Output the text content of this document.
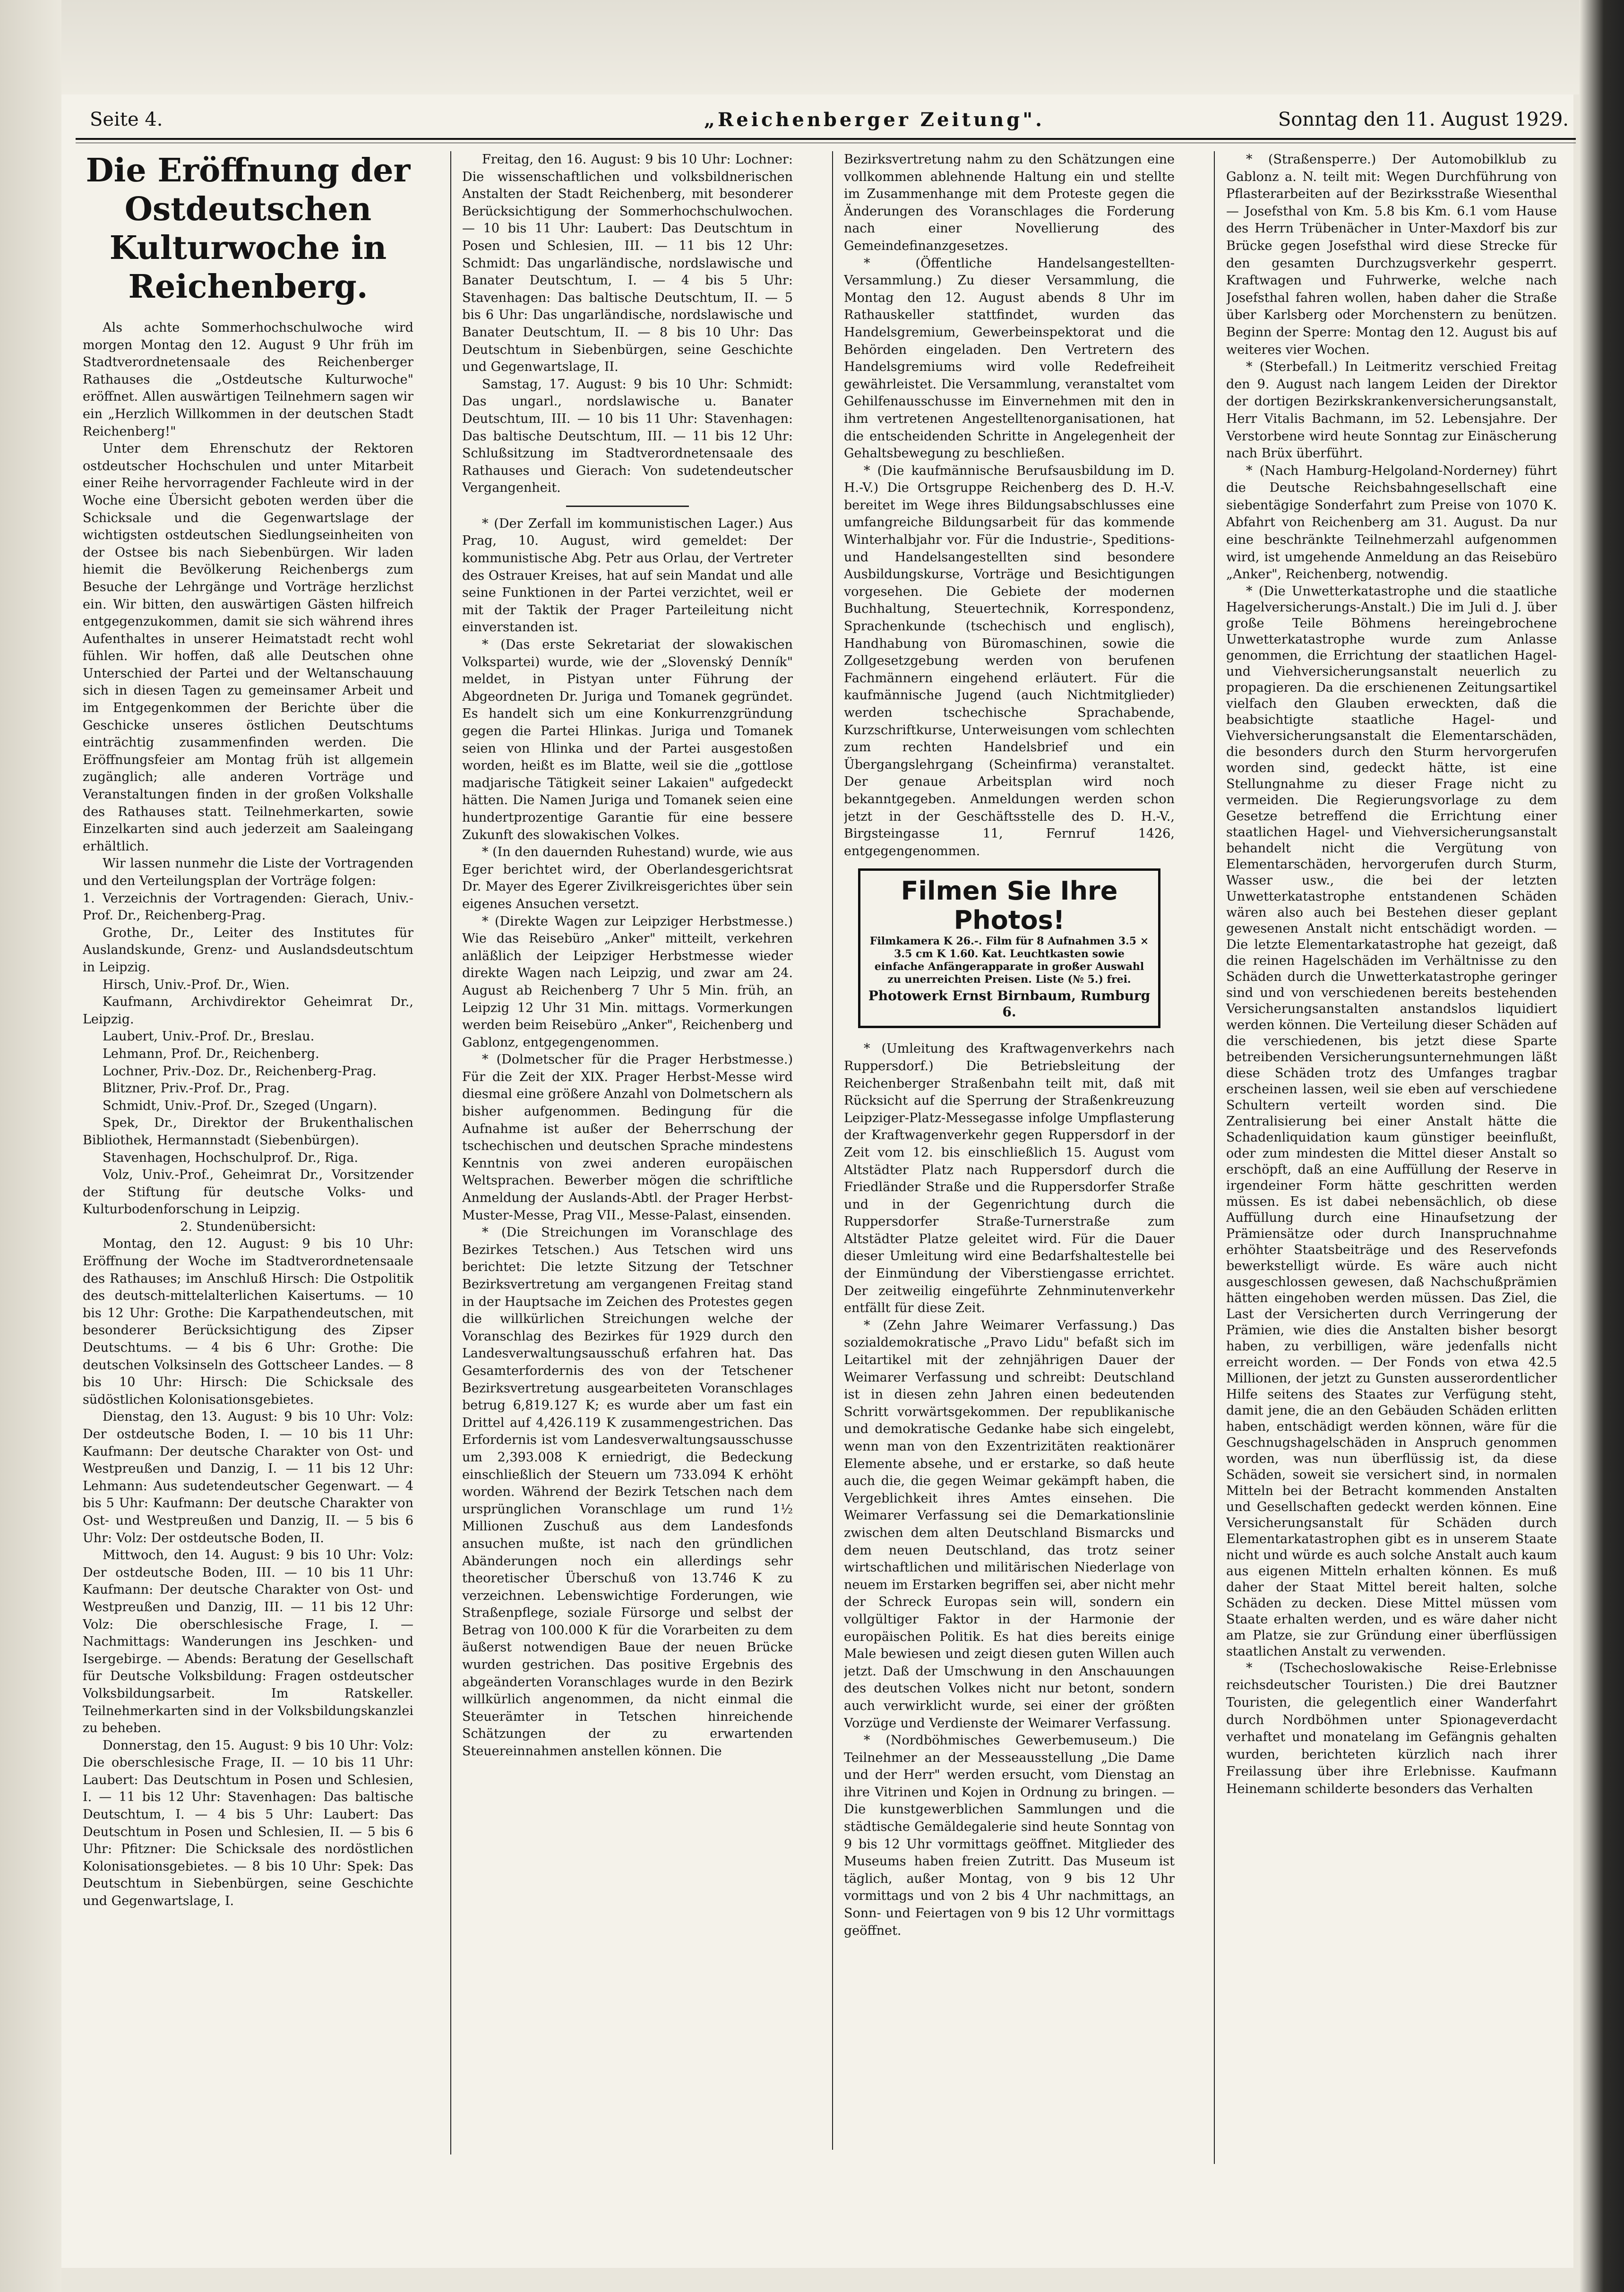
Seite 4.	„Reichenberger Zeitung".	Sonntag den 11. August 1929.
Die Eröffnung der Ostdeutschen Kulturwoche in Reichenberg.

Als achte Sommerhochschulwoche wird morgen Montag den 12. August 9 Uhr früh im Stadtverordnetensaale des Reichenberger Rathauses die „Ostdeutsche Kulturwoche" eröffnet. Allen auswärtigen Teilnehmern sagen wir ein „Herzlich Willkommen in der deutschen Stadt Reichenberg!"

Unter dem Ehrenschutz der Rektoren ostdeutscher Hochschulen und unter Mitarbeit einer Reihe hervorragender Fachleute wird in der Woche eine Übersicht geboten werden über die Schicksale und die Gegenwartslage der wichtigsten ostdeutschen Siedlungseinheiten von der Ostsee bis nach Siebenbürgen. Wir laden hiemit die Bevölkerung Reichenbergs zum Besuche der Lehrgänge und Vorträge herzlichst ein. Wir bitten, den auswärtigen Gästen hilfreich entgegenzukommen, damit sie sich während ihres Aufenthaltes in unserer Heimatstadt recht wohl fühlen. Wir hoffen, daß alle Deutschen ohne Unterschied der Partei und der Weltanschauung sich in diesen Tagen zu gemeinsamer Arbeit und im Entgegenkommen der Berichte über die Geschicke unseres östlichen Deutschtums einträchtig zusammenfinden werden. Die Eröffnungsfeier am Montag früh ist allgemein zugänglich; alle anderen Vorträge und Veranstaltungen finden in der großen Volkshalle des Rathauses statt. Teilnehmerkarten, sowie Einzelkarten sind auch jederzeit am Saaleingang erhältlich.

Wir lassen nunmehr die Liste der Vortragenden und den Verteilungsplan der Vorträge folgen:

1. Verzeichnis der Vortragenden: Gierach, Univ.-Prof. Dr., Reichenberg-Prag.

Grothe, Dr., Leiter des Institutes für Auslandskunde, Grenz- und Auslandsdeutschtum in Leipzig.

Hirsch, Univ.-Prof. Dr., Wien.

Kaufmann, Archivdirektor Geheimrat Dr., Leipzig.

Laubert, Univ.-Prof. Dr., Breslau.

Lehmann, Prof. Dr., Reichenberg.

Lochner, Priv.-Doz. Dr., Reichenberg-Prag.

Blitzner, Priv.-Prof. Dr., Prag.

Schmidt, Univ.-Prof. Dr., Szeged (Ungarn).

Spek, Dr., Direktor der Brukenthalischen Bibliothek, Hermannstadt (Siebenbürgen).

Stavenhagen, Hochschulprof. Dr., Riga.

Volz, Univ.-Prof., Geheimrat Dr., Vorsitzender der Stiftung für deutsche Volks- und Kulturbodenforschung in Leipzig.

2. Stundenübersicht:

Montag, den 12. August: 9 bis 10 Uhr: Eröffnung der Woche im Stadtverordnetensaale des Rathauses; im Anschluß Hirsch: Die Ostpolitik des deutsch-mittelalterlichen Kaisertums. — 10 bis 12 Uhr: Grothe: Die Karpathendeutschen, mit besonderer Berücksichtigung des Zipser Deutschtums. — 4 bis 6 Uhr: Grothe: Die deutschen Volksinseln des Gottscheer Landes. — 8 bis 10 Uhr: Hirsch: Die Schicksale des südöstlichen Kolonisationsgebietes.

Dienstag, den 13. August: 9 bis 10 Uhr: Volz: Der ostdeutsche Boden, I. — 10 bis 11 Uhr: Kaufmann: Der deutsche Charakter von Ost- und Westpreußen und Danzig, I. — 11 bis 12 Uhr: Lehmann: Aus sudetendeutscher Gegenwart. — 4 bis 5 Uhr: Kaufmann: Der deutsche Charakter von Ost- und Westpreußen und Danzig, II. — 5 bis 6 Uhr: Volz: Der ostdeutsche Boden, II.

Mittwoch, den 14. August: 9 bis 10 Uhr: Volz: Der ostdeutsche Boden, III. — 10 bis 11 Uhr: Kaufmann: Der deutsche Charakter von Ost- und Westpreußen und Danzig, III. — 11 bis 12 Uhr: Volz: Die oberschlesische Frage, I. — Nachmittags: Wanderungen ins Jeschken- und Isergebirge. — Abends: Beratung der Gesellschaft für Deutsche Volksbildung: Fragen ostdeutscher Volksbildungsarbeit. Im Ratskeller. Teilnehmerkarten sind in der Volksbildungskanzlei zu beheben.

Donnerstag, den 15. August: 9 bis 10 Uhr: Volz: Die oberschlesische Frage, II. — 10 bis 11 Uhr: Laubert: Das Deutschtum in Posen und Schlesien, I. — 11 bis 12 Uhr: Stavenhagen: Das baltische Deutschtum, I. — 4 bis 5 Uhr: Laubert: Das Deutschtum in Posen und Schlesien, II. — 5 bis 6 Uhr: Pfitzner: Die Schicksale des nordöstlichen Kolonisationsgebietes. — 8 bis 10 Uhr: Spek: Das Deutschtum in Siebenbürgen, seine Geschichte und Gegenwartslage, I.

Freitag, den 16. August: 9 bis 10 Uhr: Lochner: Die wissenschaftlichen und volksbildnerischen Anstalten der Stadt Reichenberg, mit besonderer Berücksichtigung der Sommerhochschulwochen. — 10 bis 11 Uhr: Laubert: Das Deutschtum in Posen und Schlesien, III. — 11 bis 12 Uhr: Schmidt: Das ungarländische, nordslawische und Banater Deutschtum, I. — 4 bis 5 Uhr: Stavenhagen: Das baltische Deutschtum, II. — 5 bis 6 Uhr: Das ungarländische, nordslawische und Banater Deutschtum, II. — 8 bis 10 Uhr: Das Deutschtum in Siebenbürgen, seine Geschichte und Gegenwartslage, II.

Samstag, 17. August: 9 bis 10 Uhr: Schmidt: Das ungarl., nordslawische u. Banater Deutschtum, III. — 10 bis 11 Uhr: Stavenhagen: Das baltische Deutschtum, III. — 11 bis 12 Uhr: Schlußsitzung im Stadtverordnetensaale des Rathauses und Gierach: Von sudetendeutscher Vergangenheit.

* (Der Zerfall im kommunistischen Lager.) Aus Prag, 10. August, wird gemeldet: Der kommunistische Abg. Petr aus Orlau, der Vertreter des Ostrauer Kreises, hat auf sein Mandat und alle seine Funktionen in der Partei verzichtet, weil er mit der Taktik der Prager Parteileitung nicht einverstanden ist.

* (Das erste Sekretariat der slowakischen Volkspartei) wurde, wie der „Slovenský Denník" meldet, in Pistyan unter Führung der Abgeordneten Dr. Juriga und Tomanek gegründet. Es handelt sich um eine Konkurrenzgründung gegen die Partei Hlinkas. Juriga und Tomanek seien von Hlinka und der Partei ausgestoßen worden, heißt es im Blatte, weil sie die „gottlose madjarische Tätigkeit seiner Lakaien" aufgedeckt hätten. Die Namen Juriga und Tomanek seien eine hundertprozentige Garantie für eine bessere Zukunft des slowakischen Volkes.

* (In den dauernden Ruhestand) wurde, wie aus Eger berichtet wird, der Oberlandesgerichtsrat Dr. Mayer des Egerer Zivilkreisgerichtes über sein eigenes Ansuchen versetzt.

* (Direkte Wagen zur Leipziger Herbstmesse.) Wie das Reisebüro „Anker" mitteilt, verkehren anläßlich der Leipziger Herbstmesse wieder direkte Wagen nach Leipzig, und zwar am 24. August ab Reichenberg 7 Uhr 5 Min. früh, an Leipzig 12 Uhr 31 Min. mittags. Vormerkungen werden beim Reisebüro „Anker", Reichenberg und Gablonz, entgegengenommen.

* (Dolmetscher für die Prager Herbstmesse.) Für die Zeit der XIX. Prager Herbst-Messe wird diesmal eine größere Anzahl von Dolmetschern als bisher aufgenommen. Bedingung für die Aufnahme ist außer der Beherrschung der tschechischen und deutschen Sprache mindestens Kenntnis von zwei anderen europäischen Weltsprachen. Bewerber mögen die schriftliche Anmeldung der Auslands-Abtl. der Prager Herbst-Muster-Messe, Prag VII., Messe-Palast, einsenden.

* (Die Streichungen im Voranschlage des Bezirkes Tetschen.) Aus Tetschen wird uns berichtet: Die letzte Sitzung der Tetschner Bezirksvertretung am vergangenen Freitag stand in der Hauptsache im Zeichen des Protestes gegen die willkürlichen Streichungen welche der Voranschlag des Bezirkes für 1929 durch den Landesverwaltungsausschuß erfahren hat. Das Gesamterfordernis des von der Tetschener Bezirksvertretung ausgearbeiteten Voranschlages betrug 6,819.127 K; es wurde aber um fast ein Drittel auf 4,426.119 K zusammengestrichen. Das Erfordernis ist vom Landesverwaltungsausschusse um 2,393.008 K erniedrigt, die Bedeckung einschließlich der Steuern um 733.094 K erhöht worden. Während der Bezirk Tetschen nach dem ursprünglichen Voranschlage um rund 1½ Millionen Zuschuß aus dem Landesfonds ansuchen mußte, ist nach den gründlichen Abänderungen noch ein allerdings sehr theoretischer Überschuß von 13.746 K zu verzeichnen. Lebenswichtige Forderungen, wie Straßenpflege, soziale Fürsorge und selbst der Betrag von 100.000 K für die Vorarbeiten zu dem äußerst notwendigen Baue der neuen Brücke wurden gestrichen. Das positive Ergebnis des abgeänderten Voranschlages wurde in den Bezirk willkürlich angenommen, da nicht einmal die Steuerämter in Tetschen hinreichende Schätzungen der zu erwartenden Steuereinnahmen anstellen können. Die

Bezirksvertretung nahm zu den Schätzungen eine vollkommen ablehnende Haltung ein und stellte im Zusammenhange mit dem Proteste gegen die Änderungen des Voranschlages die Forderung nach einer Novellierung des Gemeindefinanzgesetzes.

* (Öffentliche Handelsangestellten-Versammlung.) Zu dieser Versammlung, die Montag den 12. August abends 8 Uhr im Rathauskeller stattfindet, wurden das Handelsgremium, Gewerbeinspektorat und die Behörden eingeladen. Den Vertretern des Handelsgremiums wird volle Redefreiheit gewährleistet. Die Versammlung, veranstaltet vom Gehilfenausschusse im Einvernehmen mit den in ihm vertretenen Angestelltenorganisationen, hat die entscheidenden Schritte in Angelegenheit der Gehaltsbewegung zu beschließen.

* (Die kaufmännische Berufsausbildung im D. H.-V.) Die Ortsgruppe Reichenberg des D. H.-V. bereitet im Wege ihres Bildungsabschlusses eine umfangreiche Bildungsarbeit für das kommende Winterhalbjahr vor. Für die Industrie-, Speditions- und Handelsangestellten sind besondere Ausbildungskurse, Vorträge und Besichtigungen vorgesehen. Die Gebiete der modernen Buchhaltung, Steuertechnik, Korrespondenz, Sprachenkunde (tschechisch und englisch), Handhabung von Büromaschinen, sowie die Zollgesetzgebung werden von berufenen Fachmännern eingehend erläutert. Für die kaufmännische Jugend (auch Nichtmitglieder) werden tschechische Sprachabende, Kurzschriftkurse, Unterweisungen vom schlechten zum rechten Handelsbrief und ein Übergangslehrgang (Scheinfirma) veranstaltet. Der genaue Arbeitsplan wird noch bekanntgegeben. Anmeldungen werden schon jetzt in der Geschäftsstelle des D. H.-V., Birgsteingasse 11, Fernruf 1426, entgegengenommen.

Filmen Sie Ihre Photos!
Filmkamera K 26.-. Film für 8 Aufnahmen 3.5 × 3.5 cm K 1.60. Kat. Leuchtkasten sowie einfache Anfängerapparate in großer Auswahl zu unerreichten Preisen. Liste (№ 5.) frei.
Photowerk Ernst Birnbaum, Rumburg 6.

* (Umleitung des Kraftwagenverkehrs nach Ruppersdorf.) Die Betriebsleitung der Reichenberger Straßenbahn teilt mit, daß mit Rücksicht auf die Sperrung der Straßenkreuzung Leipziger-Platz-Messegasse infolge Umpflasterung der Kraftwagenverkehr gegen Ruppersdorf in der Zeit vom 12. bis einschließlich 15. August vom Altstädter Platz nach Ruppersdorf durch die Friedländer Straße und die Ruppersdorfer Straße und in der Gegenrichtung durch die Ruppersdorfer Straße-Turnerstraße zum Altstädter Platze geleitet wird. Für die Dauer dieser Umleitung wird eine Bedarfshaltestelle bei der Einmündung der Viberstiengasse errichtet. Der zeitweilig eingeführte Zehnminutenverkehr entfällt für diese Zeit.

* (Zehn Jahre Weimarer Verfassung.) Das sozialdemokratische „Pravo Lidu" befaßt sich im Leitartikel mit der zehnjährigen Dauer der Weimarer Verfassung und schreibt: Deutschland ist in diesen zehn Jahren einen bedeutenden Schritt vorwärtsgekommen. Der republikanische und demokratische Gedanke habe sich eingelebt, wenn man von den Exzentrizitäten reaktionärer Elemente absehe, und er erstarke, so daß heute auch die, die gegen Weimar gekämpft haben, die Vergeblichkeit ihres Amtes einsehen. Die Weimarer Verfassung sei die Demarkationslinie zwischen dem alten Deutschland Bismarcks und dem neuen Deutschland, das trotz seiner wirtschaftlichen und militärischen Niederlage von neuem im Erstarken begriffen sei, aber nicht mehr der Schreck Europas sein will, sondern ein vollgültiger Faktor in der Harmonie der europäischen Politik. Es hat dies bereits einige Male bewiesen und zeigt diesen guten Willen auch jetzt. Daß der Umschwung in den Anschauungen des deutschen Volkes nicht nur betont, sondern auch verwirklicht wurde, sei einer der größten Vorzüge und Verdienste der Weimarer Verfassung.

* (Nordböhmisches Gewerbemuseum.) Die Teilnehmer an der Messeausstellung „Die Dame und der Herr" werden ersucht, vom Dienstag an ihre Vitrinen und Kojen in Ordnung zu bringen. — Die kunstgewerblichen Sammlungen und die städtische Gemäldegalerie sind heute Sonntag von 9 bis 12 Uhr vormittags geöffnet. Mitglieder des Museums haben freien Zutritt. Das Museum ist täglich, außer Montag, von 9 bis 12 Uhr vormittags und von 2 bis 4 Uhr nachmittags, an Sonn- und Feiertagen von 9 bis 12 Uhr vormittags geöffnet.

* (Straßensperre.) Der Automobilklub zu Gablonz a. N. teilt mit: Wegen Durchführung von Pflasterarbeiten auf der Bezirksstraße Wiesenthal — Josefsthal von Km. 5.8 bis Km. 6.1 vom Hause des Herrn Trübenächer in Unter-Maxdorf bis zur Brücke gegen Josefsthal wird diese Strecke für den gesamten Durchzugsverkehr gesperrt. Kraftwagen und Fuhrwerke, welche nach Josefsthal fahren wollen, haben daher die Straße über Karlsberg oder Morchenstern zu benützen. Beginn der Sperre: Montag den 12. August bis auf weiteres vier Wochen.

* (Sterbefall.) In Leitmeritz verschied Freitag den 9. August nach langem Leiden der Direktor der dortigen Bezirkskrankenversicherungsanstalt, Herr Vitalis Bachmann, im 52. Lebensjahre. Der Verstorbene wird heute Sonntag zur Einäscherung nach Brüx überführt.

* (Nach Hamburg-Helgoland-Norderney) führt die Deutsche Reichsbahngesellschaft eine siebentägige Sonderfahrt zum Preise von 1070 K. Abfahrt von Reichenberg am 31. August. Da nur eine beschränkte Teilnehmerzahl aufgenommen wird, ist umgehende Anmeldung an das Reisebüro „Anker", Reichenberg, notwendig.

* (Die Unwetterkatastrophe und die staatliche Hagelversicherungs-Anstalt.) Die im Juli d. J. über große Teile Böhmens hereingebrochene Unwetterkatastrophe wurde zum Anlasse genommen, die Errichtung der staatlichen Hagel- und Viehversicherungsanstalt neuerlich zu propagieren. Da die erschienenen Zeitungsartikel vielfach den Glauben erweckten, daß die beabsichtigte staatliche Hagel- und Viehversicherungsanstalt die Elementarschäden, die besonders durch den Sturm hervorgerufen worden sind, gedeckt hätte, ist eine Stellungnahme zu dieser Frage nicht zu vermeiden. Die Regierungsvorlage zu dem Gesetze betreffend die Errichtung einer staatlichen Hagel- und Viehversicherungsanstalt behandelt nicht die Vergütung von Elementarschäden, hervorgerufen durch Sturm, Wasser usw., die bei der letzten Unwetterkatastrophe entstandenen Schäden wären also auch bei Bestehen dieser geplant gewesenen Anstalt nicht entschädigt worden. — Die letzte Elementarkatastrophe hat gezeigt, daß die reinen Hagelschäden im Verhältnisse zu den Schäden durch die Unwetterkatastrophe geringer sind und von verschiedenen bereits bestehenden Versicherungsanstalten anstandslos liquidiert werden können. Die Verteilung dieser Schäden auf die verschiedenen, bis jetzt diese Sparte betreibenden Versicherungsunternehmungen läßt diese Schäden trotz des Umfanges tragbar erscheinen lassen, weil sie eben auf verschiedene Schultern verteilt worden sind. Die Zentralisierung bei einer Anstalt hätte die Schadenliquidation kaum günstiger beeinflußt, oder zum mindesten die Mittel dieser Anstalt so erschöpft, daß an eine Auffüllung der Reserve in irgendeiner Form hätte geschritten werden müssen. Es ist dabei nebensächlich, ob diese Auffüllung durch eine Hinaufsetzung der Prämiensätze oder durch Inanspruchnahme erhöhter Staatsbeiträge und des Reservefonds bewerkstelligt würde. Es wäre auch nicht ausgeschlossen gewesen, daß Nachschußprämien hätten eingehoben werden müssen. Das Ziel, die Last der Versicherten durch Verringerung der Prämien, wie dies die Anstalten bisher besorgt haben, zu verbilligen, wäre jedenfalls nicht erreicht worden. — Der Fonds von etwa 42.5 Millionen, der jetzt zu Gunsten ausserordentlicher Hilfe seitens des Staates zur Verfügung steht, damit jene, die an den Gebäuden Schäden erlitten haben, entschädigt werden können, wäre für die Geschnugshagelschäden in Anspruch genommen worden, was nun überflüssig ist, da diese Schäden, soweit sie versichert sind, in normalen Mitteln bei der Betracht kommenden Anstalten und Gesellschaften gedeckt werden können. Eine Versicherungsanstalt für Schäden durch Elementarkatastrophen gibt es in unserem Staate nicht und würde es auch solche Anstalt auch kaum aus eigenen Mitteln erhalten können. Es muß daher der Staat Mittel bereit halten, solche Schäden zu decken. Diese Mittel müssen vom Staate erhalten werden, und es wäre daher nicht am Platze, sie zur Gründung einer überflüssigen staatlichen Anstalt zu verwenden.

* (Tschechoslowakische Reise-Erlebnisse reichsdeutscher Touristen.) Die drei Bautzner Touristen, die gelegentlich einer Wanderfahrt durch Nordböhmen unter Spionageverdacht verhaftet und monatelang im Gefängnis gehalten wurden, berichteten kürzlich nach ihrer Freilassung über ihre Erlebnisse. Kaufmann Heinemann schilderte besonders das Verhalten
